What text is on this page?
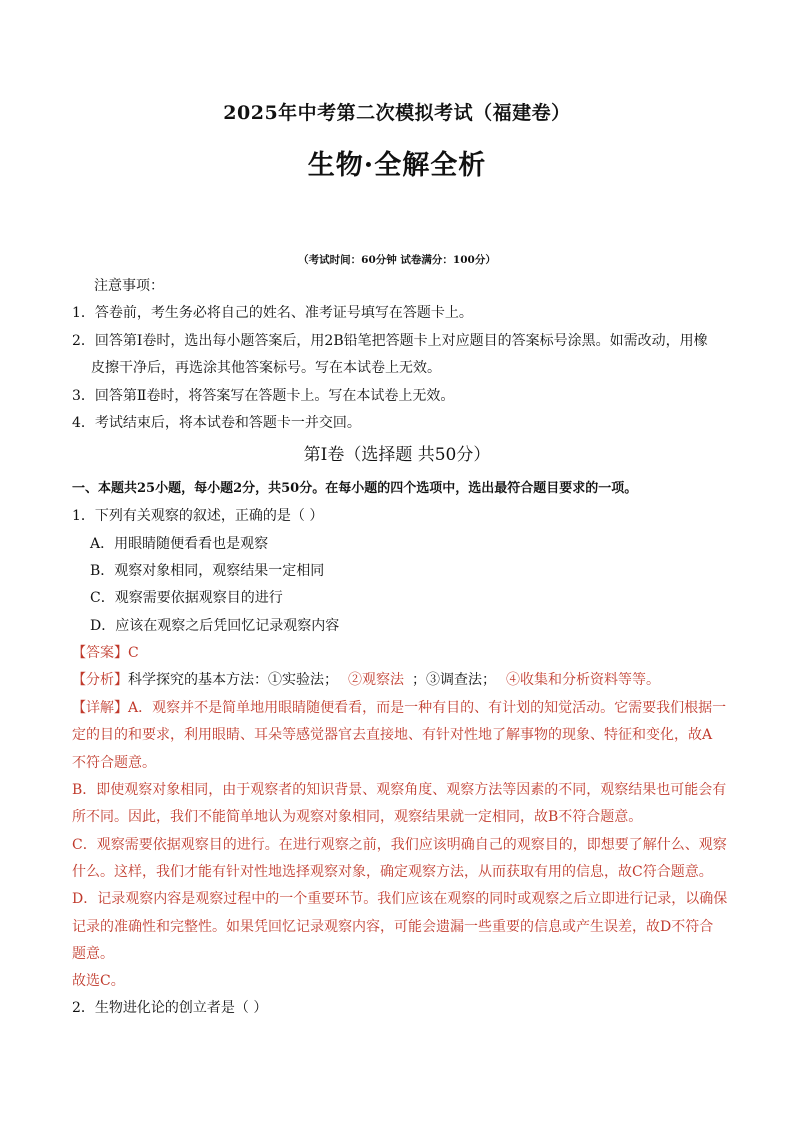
2025年中考第二次模拟考试（福建卷）
生物·全解全析
（考试时间：60分钟 试卷满分：100分）
注意事项：
1．答卷前，考生务必将自己的姓名、准考证号填写在答题卡上。
2．回答第Ⅰ卷时，选出每小题答案后，用2B铅笔把答题卡上对应题目的答案标号涂黑。如需改动，用橡
皮擦干净后，再选涂其他答案标号。写在本试卷上无效。
3．回答第Ⅱ卷时，将答案写在答题卡上。写在本试卷上无效。
4．考试结束后，将本试卷和答题卡一并交回。
第Ⅰ卷（选择题 共50分）
一、本题共25小题，每小题2分，共50分。在每小题的四个选项中，选出最符合题目要求的一项。
1．下列有关观察的叙述，正确的是（ ）
A．用眼睛随便看看也是观察
B．观察对象相同，观察结果一定相同
C．观察需要依据观察目的进行
D．应该在观察之后凭回忆记录观察内容
【答案】C
【分析】科学探究的基本方法：①实验法； ②观察法 ；③调查法； ④收集和分析资料等等。
【详解】A．观察并不是简单地用眼睛随便看看，而是一种有目的、有计划的知觉活动。它需要我们根据一
定的目的和要求，利用眼睛、耳朵等感觉器官去直接地、有针对性地了解事物的现象、特征和变化，故A
不符合题意。
B．即使观察对象相同，由于观察者的知识背景、观察角度、观察方法等因素的不同，观察结果也可能会有
所不同。因此，我们不能简单地认为观察对象相同，观察结果就一定相同，故B不符合题意。
C．观察需要依据观察目的进行。在进行观察之前，我们应该明确自己的观察目的，即想要了解什么、观察
什么。这样，我们才能有针对性地选择观察对象，确定观察方法，从而获取有用的信息，故C符合题意。
D．记录观察内容是观察过程中的一个重要环节。我们应该在观察的同时或观察之后立即进行记录，以确保
记录的准确性和完整性。如果凭回忆记录观察内容，可能会遗漏一些重要的信息或产生误差，故D不符合
题意。
故选C。
2．生物进化论的创立者是（ ）
